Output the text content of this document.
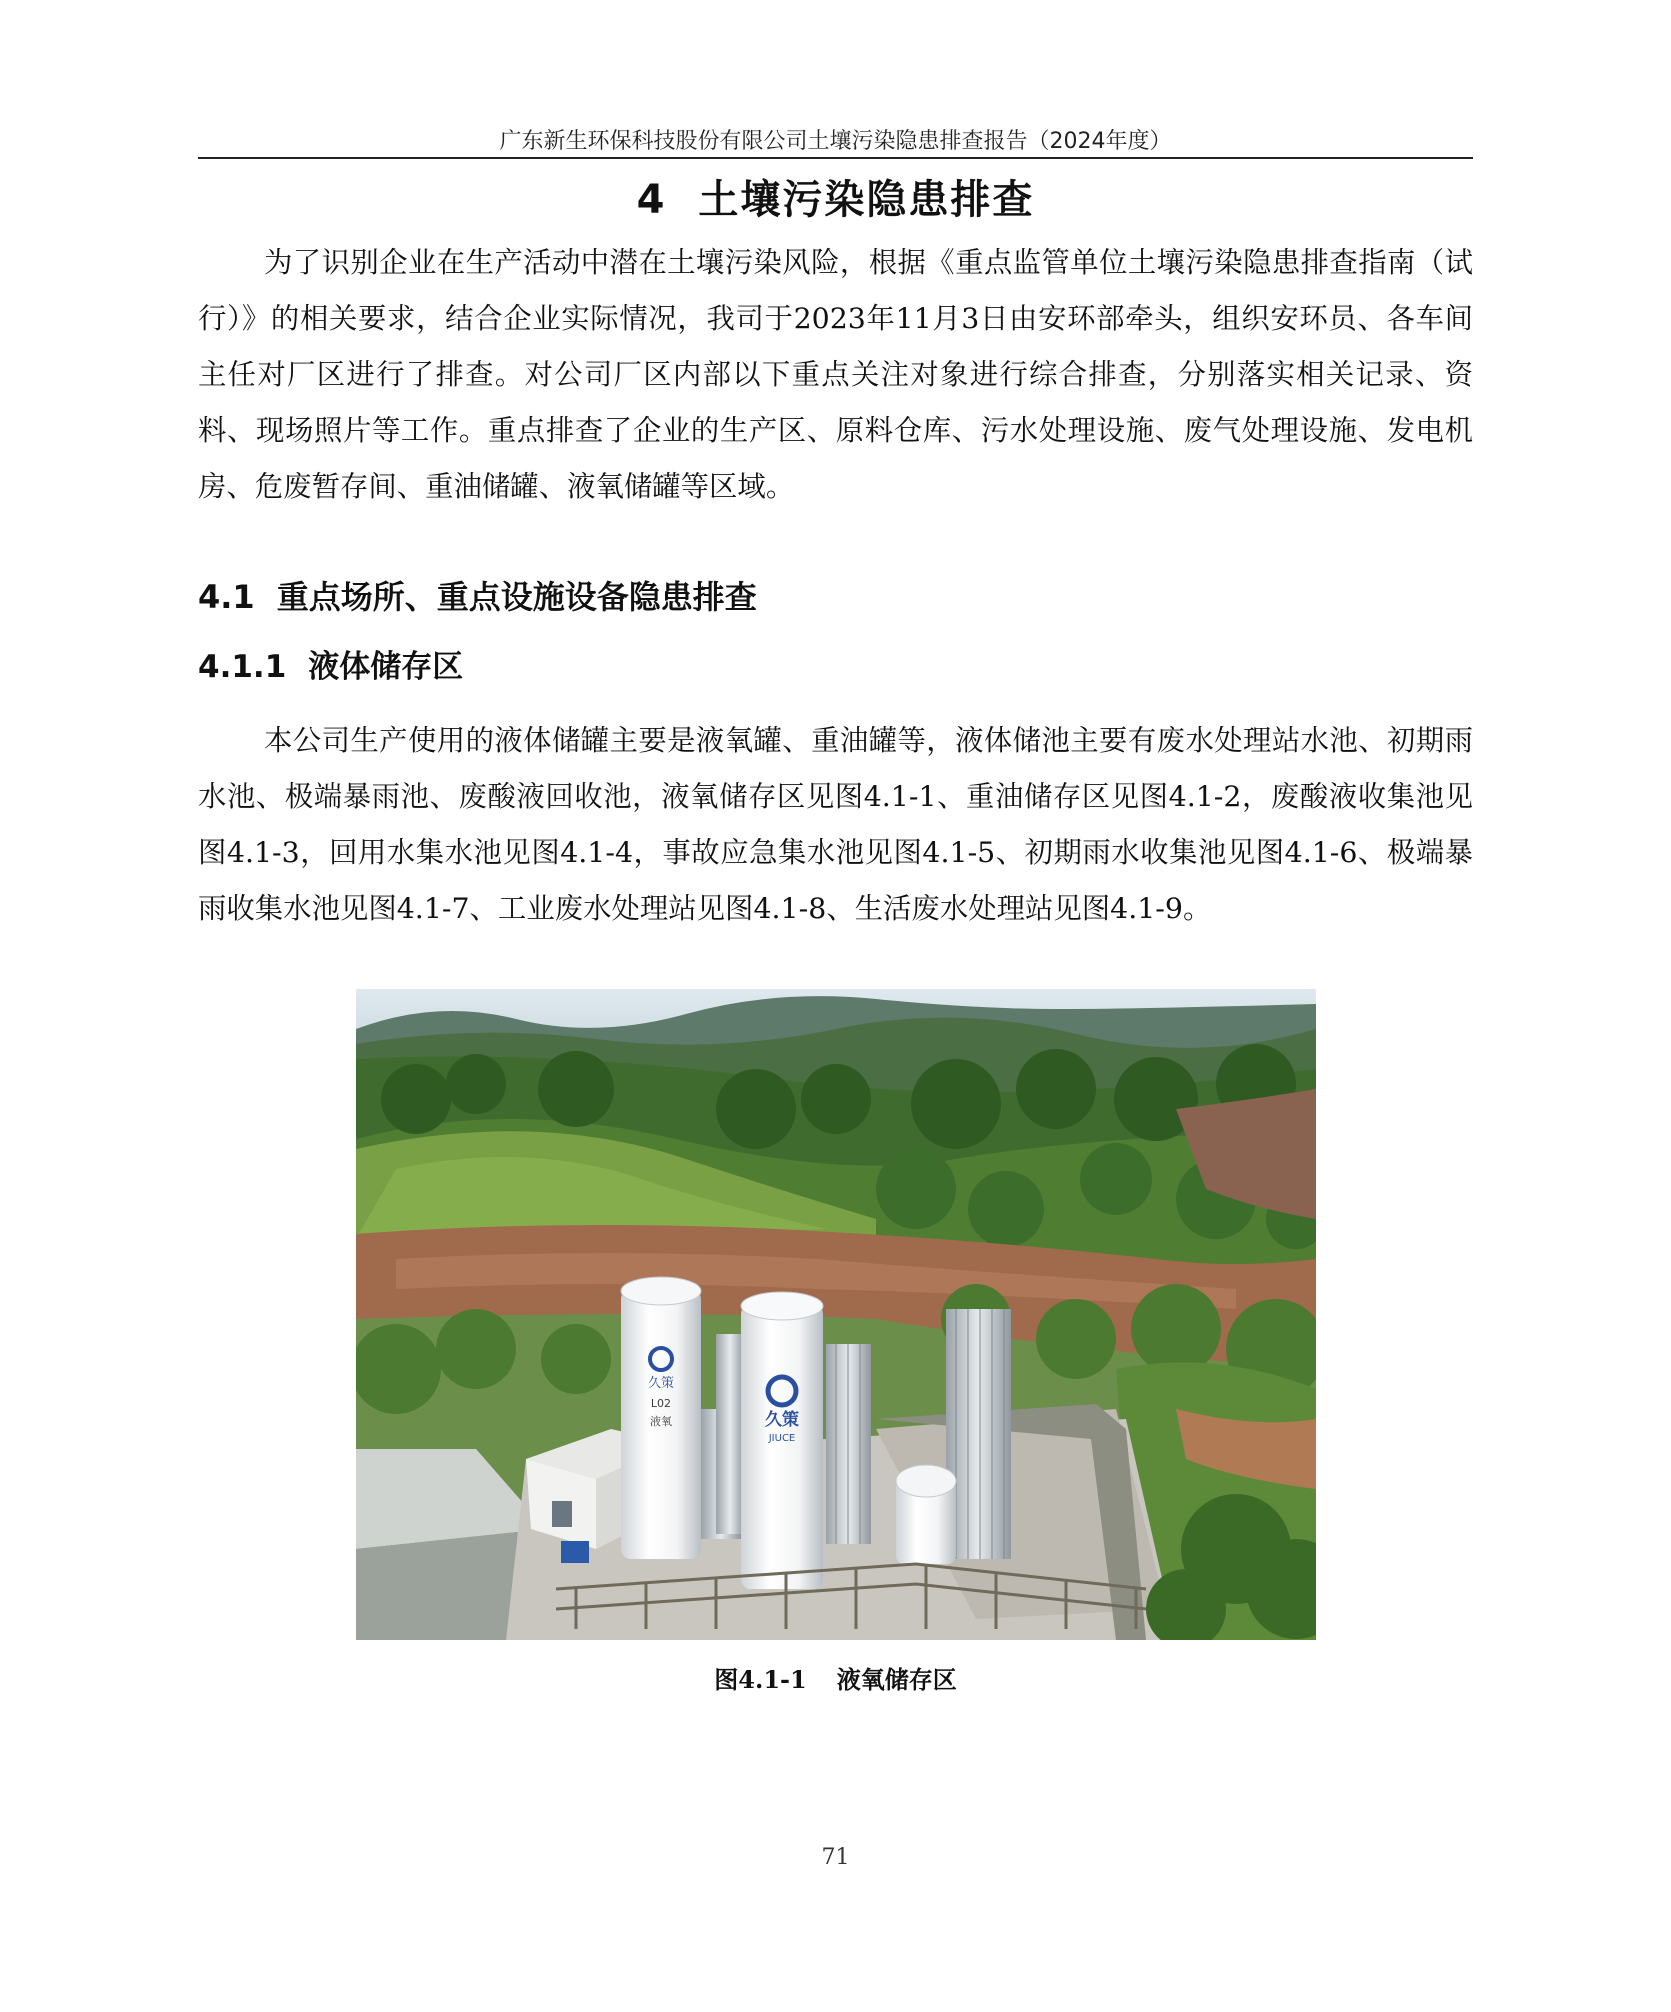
广东新生环保科技股份有限公司土壤污染隐患排查报告（2024年度）
4  土壤污染隐患排查

为了识别企业在生产活动中潜在土壤污染风险，根据《重点监管单位土壤污染隐患排查指南（试行）》的相关要求，结合企业实际情况，我司于2023年11月3日由安环部牵头，组织安环员、各车间主任对厂区进行了排查。对公司厂区内部以下重点关注对象进行综合排查，分别落实相关记录、资料、现场照片等工作。重点排查了企业的生产区、原料仓库、污水处理设施、废气处理设施、发电机房、危废暂存间、重油储罐、液氧储罐等区域。

4.1 重点场所、重点设施设备隐患排查
4.1.1 液体储存区

本公司生产使用的液体储罐主要是液氧罐、重油罐等，液体储池主要有废水处理站水池、初期雨水池、极端暴雨池、废酸液回收池，液氧储存区见图4.1-1、重油储存区见图4.1-2，废酸液收集池见图4.1-3，回用水集水池见图4.1-4，事故应急集水池见图4.1-5、初期雨水收集池见图4.1-6、极端暴雨收集水池见图4.1-7、工业废水处理站见图4.1-8、生活废水处理站见图4.1-9。

久策
L02
液氧	久策
JIUCE
图4.1-1 液氧储存区
71
